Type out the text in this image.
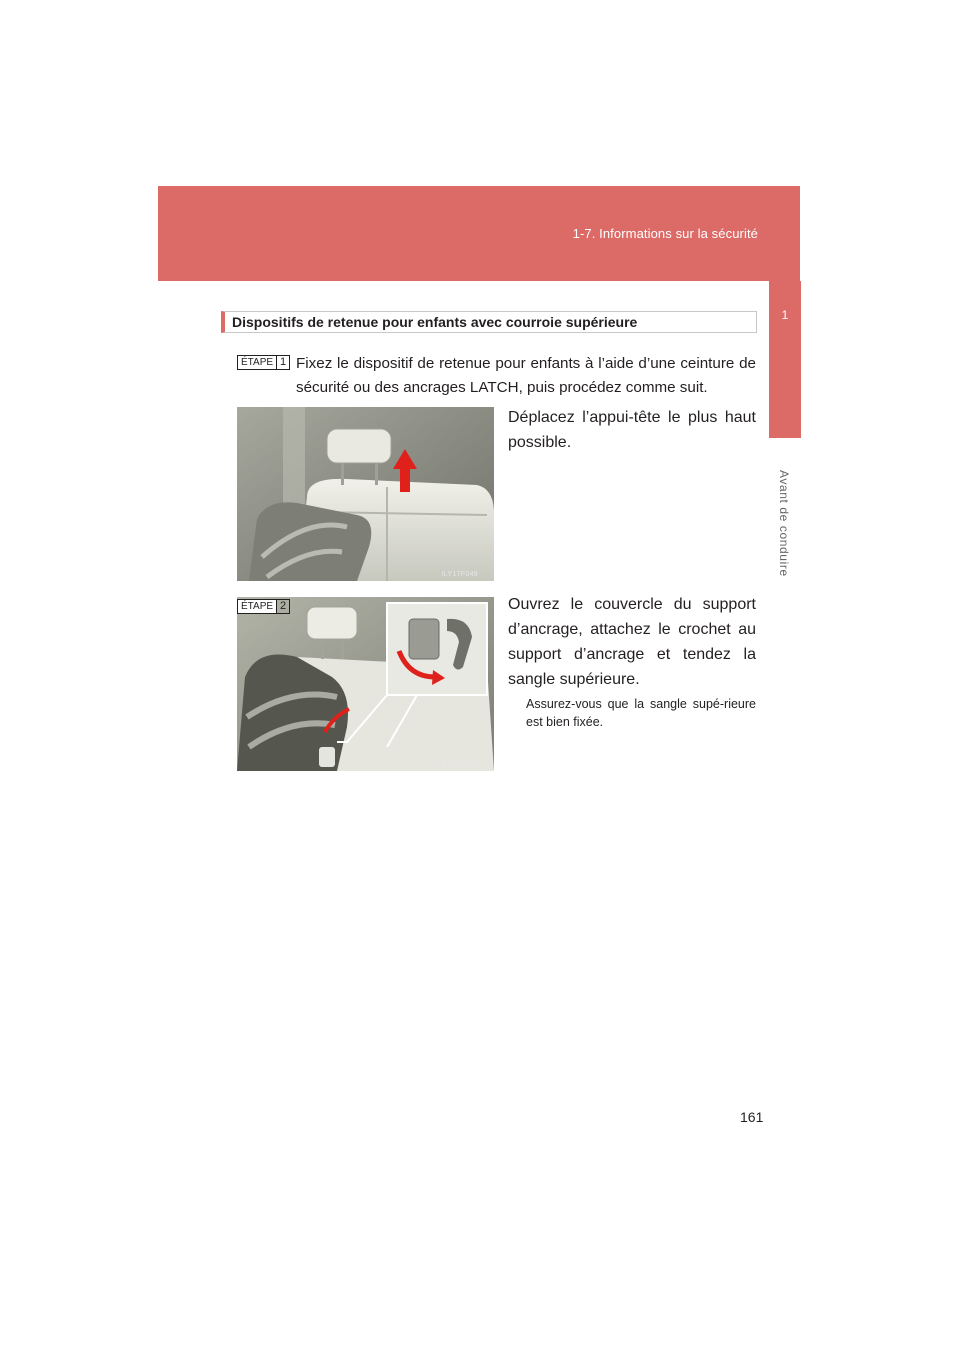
1-7. Informations sur la sécurité
1
Avant de conduire
Dispositifs de retenue pour enfants avec courroie supérieure
ÉTAPE 1 Fixez le dispositif de retenue pour enfants à l’aide d’une ceinture de sécurité ou des ancrages LATCH, puis procédez comme suit.
ILY17F049
Déplacez l’appui-tête le plus haut possible.
ILY17F051
ÉTAPE 2	Ouvrez le couvercle du support d’ancrage, attachez le crochet au support d’ancrage et tendez la sangle supérieure.
Assurez-vous que la sangle supé-rieure est bien fixée.
161
